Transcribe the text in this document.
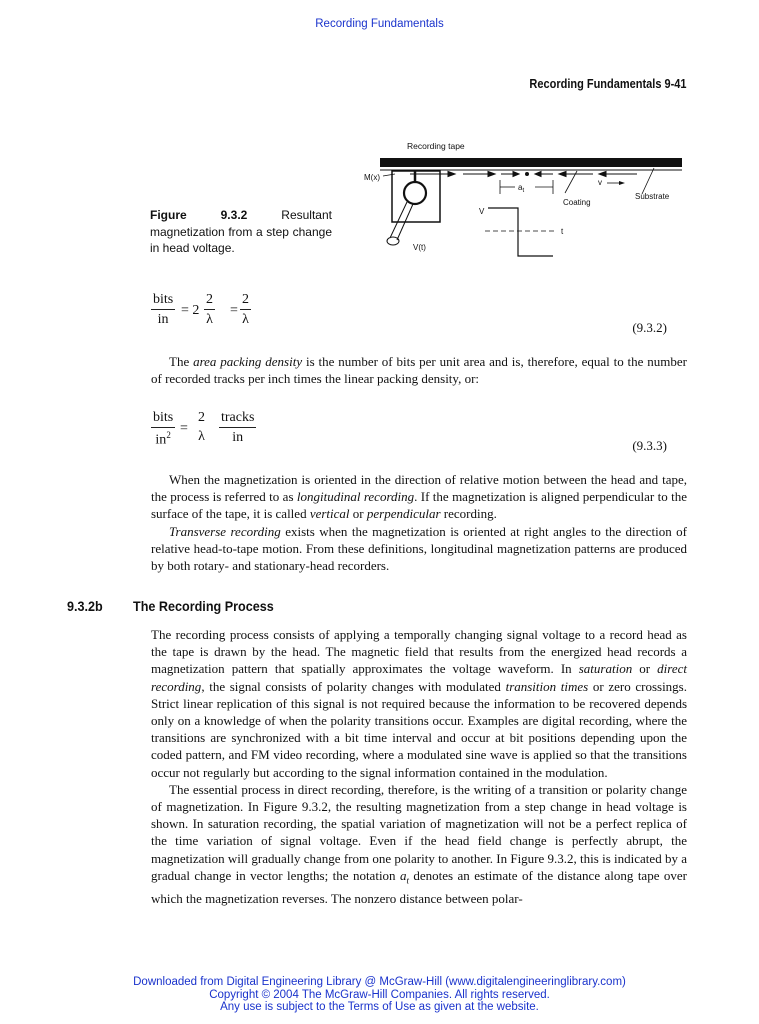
Recording Fundamentals
Recording Fundamentals 9-41
Figure 9.3.2 Resultant magnetization from a step change in head voltage.
Recording tape
M(x)
$a_t$
Coating
v
Substrate
V(t)
V
t
bits
in
= $2 \frac{2}{\lambda} = \frac{2}{\lambda}$	(9.3.2)

The area packing density is the number of bits per unit area and is, therefore, equal to the number of recorded tracks per inch times the linear packing density, or:

bits
$in^2$ =
2
λ
tracks
in
(9.3.3)

When the magnetization is oriented in the direction of relative motion between the head and tape, the process is referred to as longitudinal recording. If the magnetization is aligned perpendicular to the surface of the tape, it is called vertical or perpendicular recording.

Transverse recording exists when the magnetization is oriented at right angles to the direction of relative head-to-tape motion. From these definitions, longitudinal magnetization patterns are produced by both rotary- and stationary-head recorders.

9.3.2b The Recording Process

The recording process consists of applying a temporally changing signal voltage to a record head as the tape is drawn by the head. The magnetic field that results from the energized head records a magnetization pattern that spatially approximates the voltage waveform. In saturation or direct recording, the signal consists of polarity changes with modulated transition times or zero crossings. Strict linear replication of this signal is not required because the information to be recovered depends only on a knowledge of when the polarity transitions occur. Examples are digital recording, where the transitions are synchronized with a bit time interval and occur at bit positions depending upon the coded pattern, and FM video recording, where a modulated sine wave is applied so that the transitions occur not regularly but according to the signal information contained in the modulation.

The essential process in direct recording, therefore, is the writing of a transition or polarity change of magnetization. In Figure 9.3.2, the resulting magnetization from a step change in head voltage is shown. In saturation recording, the spatial variation of magnetization will not be a perfect replica of the time variation of signal voltage. Even if the head field change is perfectly abrupt, the magnetization will gradually change from one polarity to another. In Figure 9.3.2, this is indicated by a gradual change in vector lengths; the notation $a_t$ denotes an estimate of the distance along tape over which the magnetization reverses. The nonzero distance between polar-

Downloaded from Digital Engineering Library @ McGraw-Hill (www.digitalengineeringlibrary.com)
Copyright © 2004 The McGraw-Hill Companies. All rights reserved.
Any use is subject to the Terms of Use as given at the website.
